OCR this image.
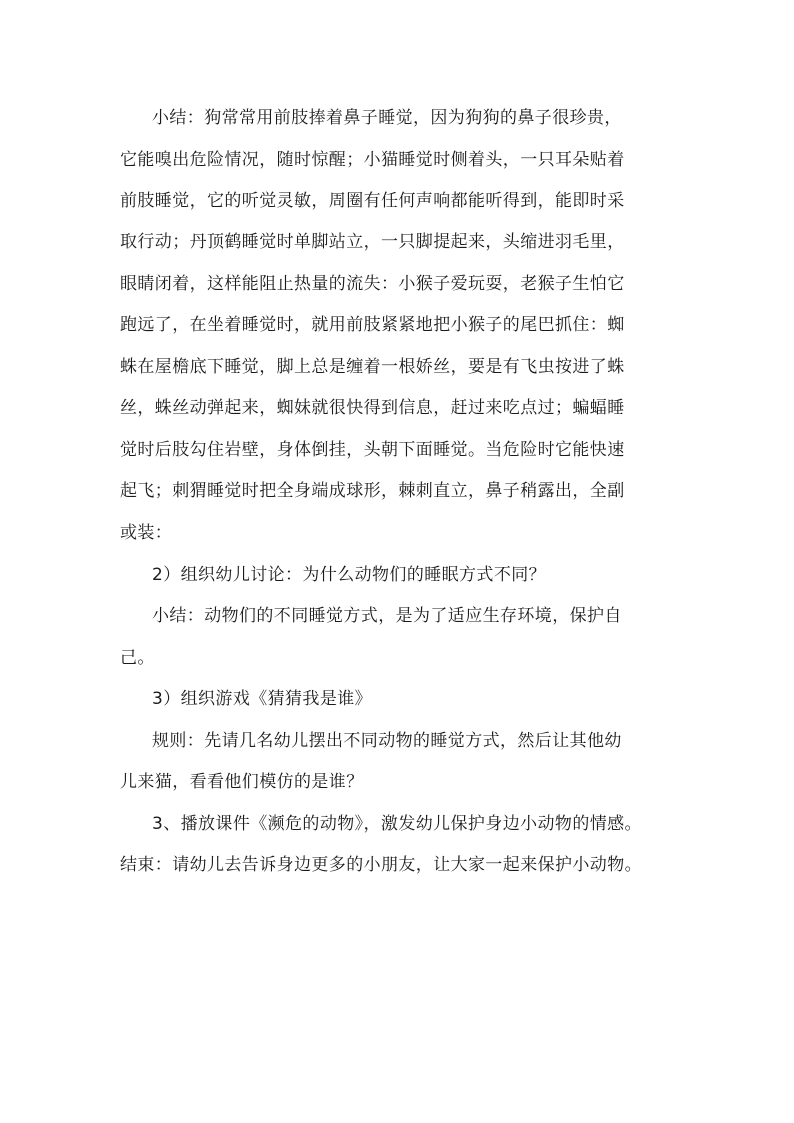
小结：狗常常用前肢捧着鼻子睡觉，因为狗狗的鼻子很珍贵，
它能嗅出危险情况，随时惊醒；小猫睡觉时侧着头，一只耳朵贴着
前肢睡觉，它的听觉灵敏，周圈有任何声响都能听得到，能即时采
取行动；丹顶鹤睡觉时单脚站立，一只脚提起来，头缩进羽毛里，
眼睛闭着，这样能阻止热量的流失：小猴子爱玩耍，老猴子生怕它
跑远了，在坐着睡觉时，就用前肢紧紧地把小猴子的尾巴抓住：蜘
蛛在屋檐底下睡觉，脚上总是缠着一根娇丝，要是有飞虫按进了蛛
丝，蛛丝动弹起来，蜘妹就很快得到信息，赶过来吃点过；蝙蝠睡
觉时后肢勾住岩壁，身体倒挂，头朝下面睡觉。当危险时它能快速
起飞；刺猬睡觉时把全身端成球形，棘刺直立，鼻子稍露出，全副
或装：
2）组织幼儿讨论：为什么动物们的睡眠方式不同？
小结：动物们的不同睡觉方式，是为了适应生存环境，保护自
己。
3）组织游戏《猜猜我是谁》
规则：先请几名幼儿摆出不同动物的睡觉方式，然后让其他幼
儿来猫，看看他们模仿的是谁？
3、播放课件《濒危的动物》，激发幼儿保护身边小动物的情感。
结束：请幼儿去告诉身边更多的小朋友，让大家一起来保护小动物。
